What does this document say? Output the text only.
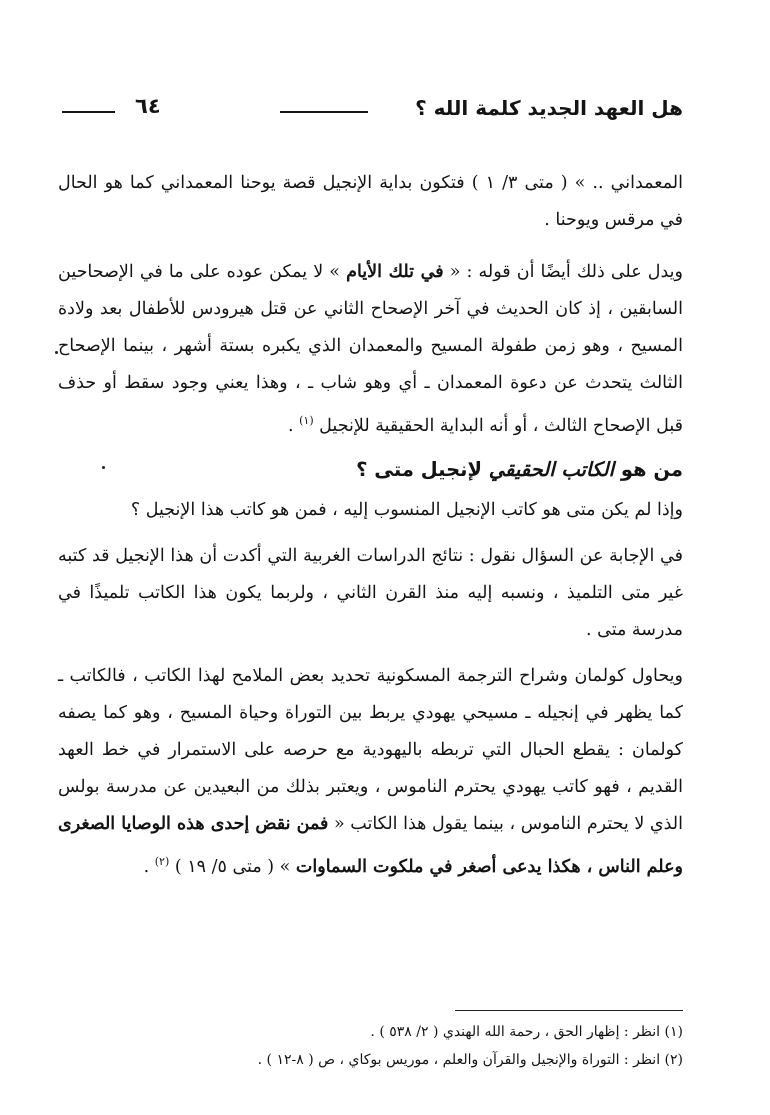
هل العهد الجديد كلمة الله ؟
٦٤

المعمداني .. » ( متى ٣/ ١ ) فتكون بداية الإنجيل قصة يوحنا المعمداني كما هو الحال في مرقس ويوحنا .

ويدل على ذلك أيضًا أن قوله : « في تلك الأيام » لا يمكن عوده على ما في الإصحاحين السابقين ، إذ كان الحديث في آخر الإصحاح الثاني عن قتل هيرودس للأطفال بعد ولادة المسيح ، وهو زمن طفولة المسيح والمعمدان الذي يكبره بستة أشهر ، بينما الإصحاح الثالث يتحدث عن دعوة المعمدان ـ أي وهو شاب ـ ، وهذا يعني وجود سقط أو حذف قبل الإصحاح الثالث ، أو أنه البداية الحقيقية للإنجيل $^{(١)}$ .

من هو الكاتب الحقيقي لإنجيل متى ؟

وإذا لم يكن متى هو كاتب الإنجيل المنسوب إليه ، فمن هو كاتب هذا الإنجيل ؟

في الإجابة عن السؤال نقول : نتائج الدراسات الغربية التي أكدت أن هذا الإنجيل قد كتبه غير متى التلميذ ، ونسبه إليه منذ القرن الثاني ، ولربما يكون هذا الكاتب تلميذًا في مدرسة متى .

ويحاول كولمان وشراح الترجمة المسكونية تحديد بعض الملامح لهذا الكاتب ، فالكاتب ـ كما يظهر في إنجيله ـ مسيحي يهودي يربط بين التوراة وحياة المسيح ، وهو كما يصفه كولمان : يقطع الحبال التي تربطه باليهودية مع حرصه على الاستمرار في خط العهد القديم ، فهو كاتب يهودي يحترم الناموس ، ويعتبر بذلك من البعيدين عن مدرسة بولس الذي لا يحترم الناموس ، بينما يقول هذا الكاتب « فمن نقض إحدى هذه الوصايا الصغرى وعلم الناس ، هكذا يدعى أصغر في ملكوت السماوات » ( متى ٥/ ١٩ ) $^{(٢)}$ .

(١) انظر : إظهار الحق ، رحمة الله الهندي ( ٢/ ٥٣٨ ) .
(٢) انظر : التوراة والإنجيل والقرآن والعلم ، موريس بوكاي ، ص ( ٨-١٢ ) .
